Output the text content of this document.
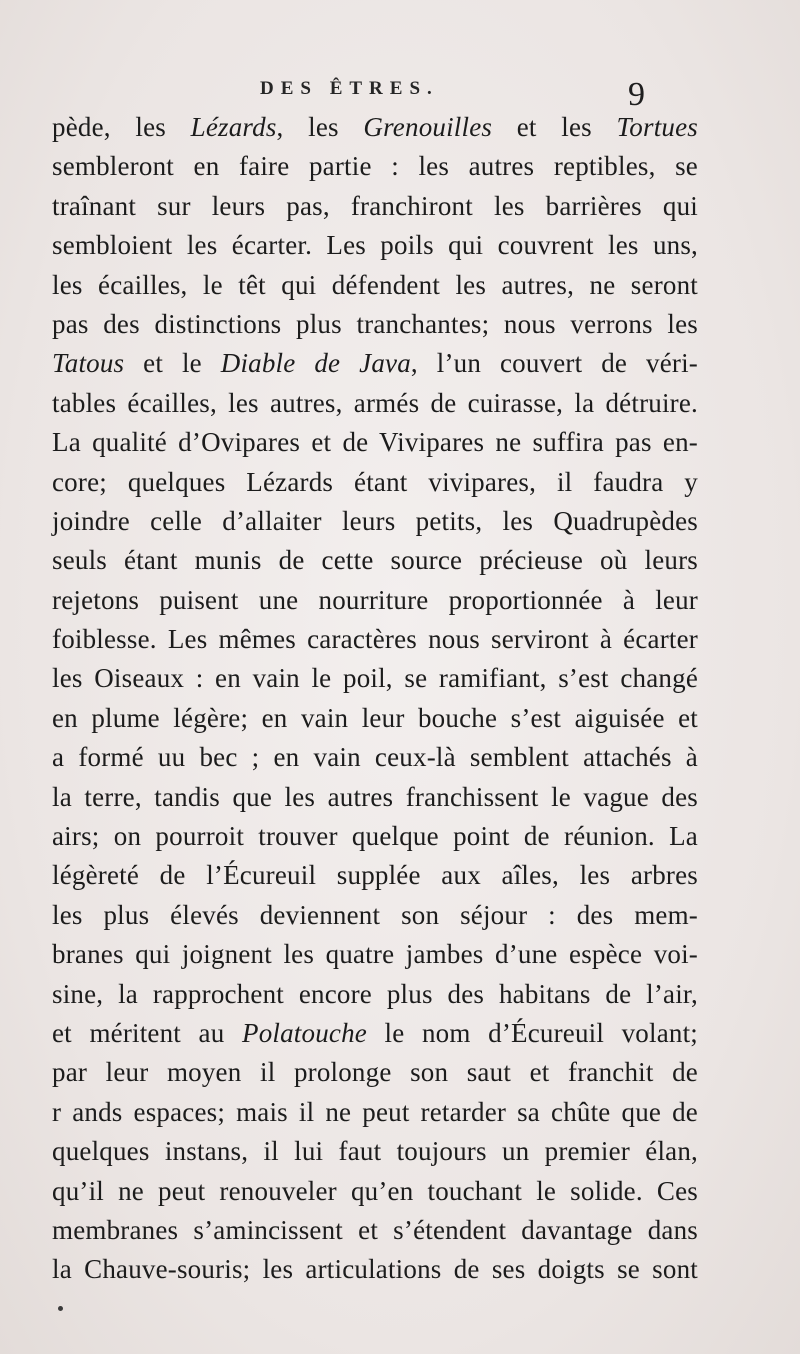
DES ÊTRES.	9
pède, les Lézards, les Grenouilles et les Tortues
sembleront en faire partie : les autres reptibles, se
traînant sur leurs pas, franchiront les barrières qui
sembloient les écarter. Les poils qui couvrent les uns,
les écailles, le têt qui défendent les autres, ne seront
pas des distinctions plus tranchantes; nous verrons les
Tatous et le Diable de Java, l’un couvert de véri-
tables écailles, les autres, armés de cuirasse, la détruire.
La qualité d’Ovipares et de Vivipares ne suffira pas en-
core; quelques Lézards étant vivipares, il faudra y
joindre celle d’allaiter leurs petits, les Quadrupèdes
seuls étant munis de cette source précieuse où leurs
rejetons puisent une nourriture proportionnée à leur
foiblesse. Les mêmes caractères nous serviront à écarter
les Oiseaux : en vain le poil, se ramifiant, s’est changé
en plume légère; en vain leur bouche s’est aiguisée et
a formé uu bec ; en vain ceux-là semblent attachés à
la terre, tandis que les autres franchissent le vague des
airs; on pourroit trouver quelque point de réunion. La
légèreté de l’Écureuil supplée aux aîles, les arbres
les plus élevés deviennent son séjour : des mem-
branes qui joignent les quatre jambes d’une espèce voi-
sine, la rapprochent encore plus des habitans de l’air,
et méritent au Polatouche le nom d’Écureuil volant;
par leur moyen il prolonge son saut et franchit de
r ands espaces; mais il ne peut retarder sa chûte que de
quelques instans, il lui faut toujours un premier élan,
qu’il ne peut renouveler qu’en touchant le solide. Ces
membranes s’amincissent et s’étendent davantage dans
la Chauve-souris; les articulations de ses doigts se sont
